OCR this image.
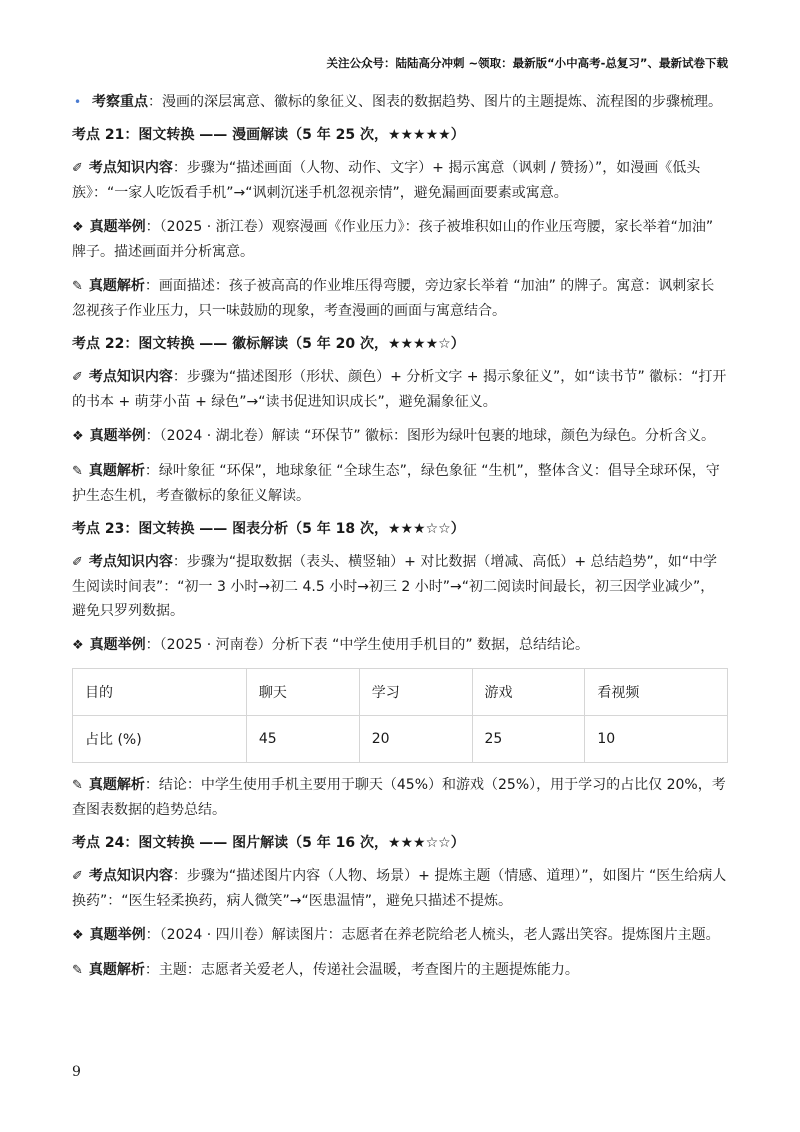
关注公众号：陆陆高分冲刺 ~领取：最新版“小中高考-总复习”、最新试卷下载
• 考察重点：漫画的深层寓意、徽标的象征义、图表的数据趋势、图片的主题提炼、流程图的步骤梳理。
考点 21：图文转换 —— 漫画解读（5 年 25 次，★★★★★）
✐ 考点知识内容：步骤为“描述画面（人物、动作、文字）+ 揭示寓意（讽刺 / 赞扬）”，如漫画《低头族》：“一家人吃饭看手机”→“讽刺沉迷手机忽视亲情”，避免漏画面要素或寓意。
❖ 真题举例：（2025 · 浙江卷）观察漫画《作业压力》：孩子被堆积如山的作业压弯腰，家长举着“加油” 牌子。描述画面并分析寓意。
✎ 真题解析：画面描述：孩子被高高的作业堆压得弯腰，旁边家长举着 “加油” 的牌子。寓意：讽刺家长忽视孩子作业压力，只一味鼓励的现象，考查漫画的画面与寓意结合。
考点 22：图文转换 —— 徽标解读（5 年 20 次，★★★★☆）
✐ 考点知识内容：步骤为“描述图形（形状、颜色）+ 分析文字 + 揭示象征义”，如“读书节” 徽标：“打开的书本 + 萌芽小苗 + 绿色”→“读书促进知识成长”，避免漏象征义。
❖ 真题举例：（2024 · 湖北卷）解读 “环保节” 徽标：图形为绿叶包裹的地球，颜色为绿色。分析含义。
✎ 真题解析：绿叶象征 “环保”，地球象征 “全球生态”，绿色象征 “生机”，整体含义：倡导全球环保，守护生态生机，考查徽标的象征义解读。
考点 23：图文转换 —— 图表分析（5 年 18 次，★★★☆☆）
✐ 考点知识内容：步骤为“提取数据（表头、横竖轴）+ 对比数据（增减、高低）+ 总结趋势”，如“中学生阅读时间表”：“初一 3 小时→初二 4.5 小时→初三 2 小时”→“初二阅读时间最长，初三因学业减少”，避免只罗列数据。
❖ 真题举例：（2025 · 河南卷）分析下表 “中学生使用手机目的” 数据，总结结论。
目的	聊天	学习	游戏	看视频
占比 (%)	45	20	25	10
✎ 真题解析：结论：中学生使用手机主要用于聊天（45%）和游戏（25%），用于学习的占比仅 20%，考查图表数据的趋势总结。
考点 24：图文转换 —— 图片解读（5 年 16 次，★★★☆☆）
✐ 考点知识内容：步骤为“描述图片内容（人物、场景）+ 提炼主题（情感、道理）”，如图片 “医生给病人换药”：“医生轻柔换药，病人微笑”→“医患温情”，避免只描述不提炼。
❖ 真题举例：（2024 · 四川卷）解读图片：志愿者在养老院给老人梳头，老人露出笑容。提炼图片主题。
✎ 真题解析：主题：志愿者关爱老人，传递社会温暖，考查图片的主题提炼能力。
9
